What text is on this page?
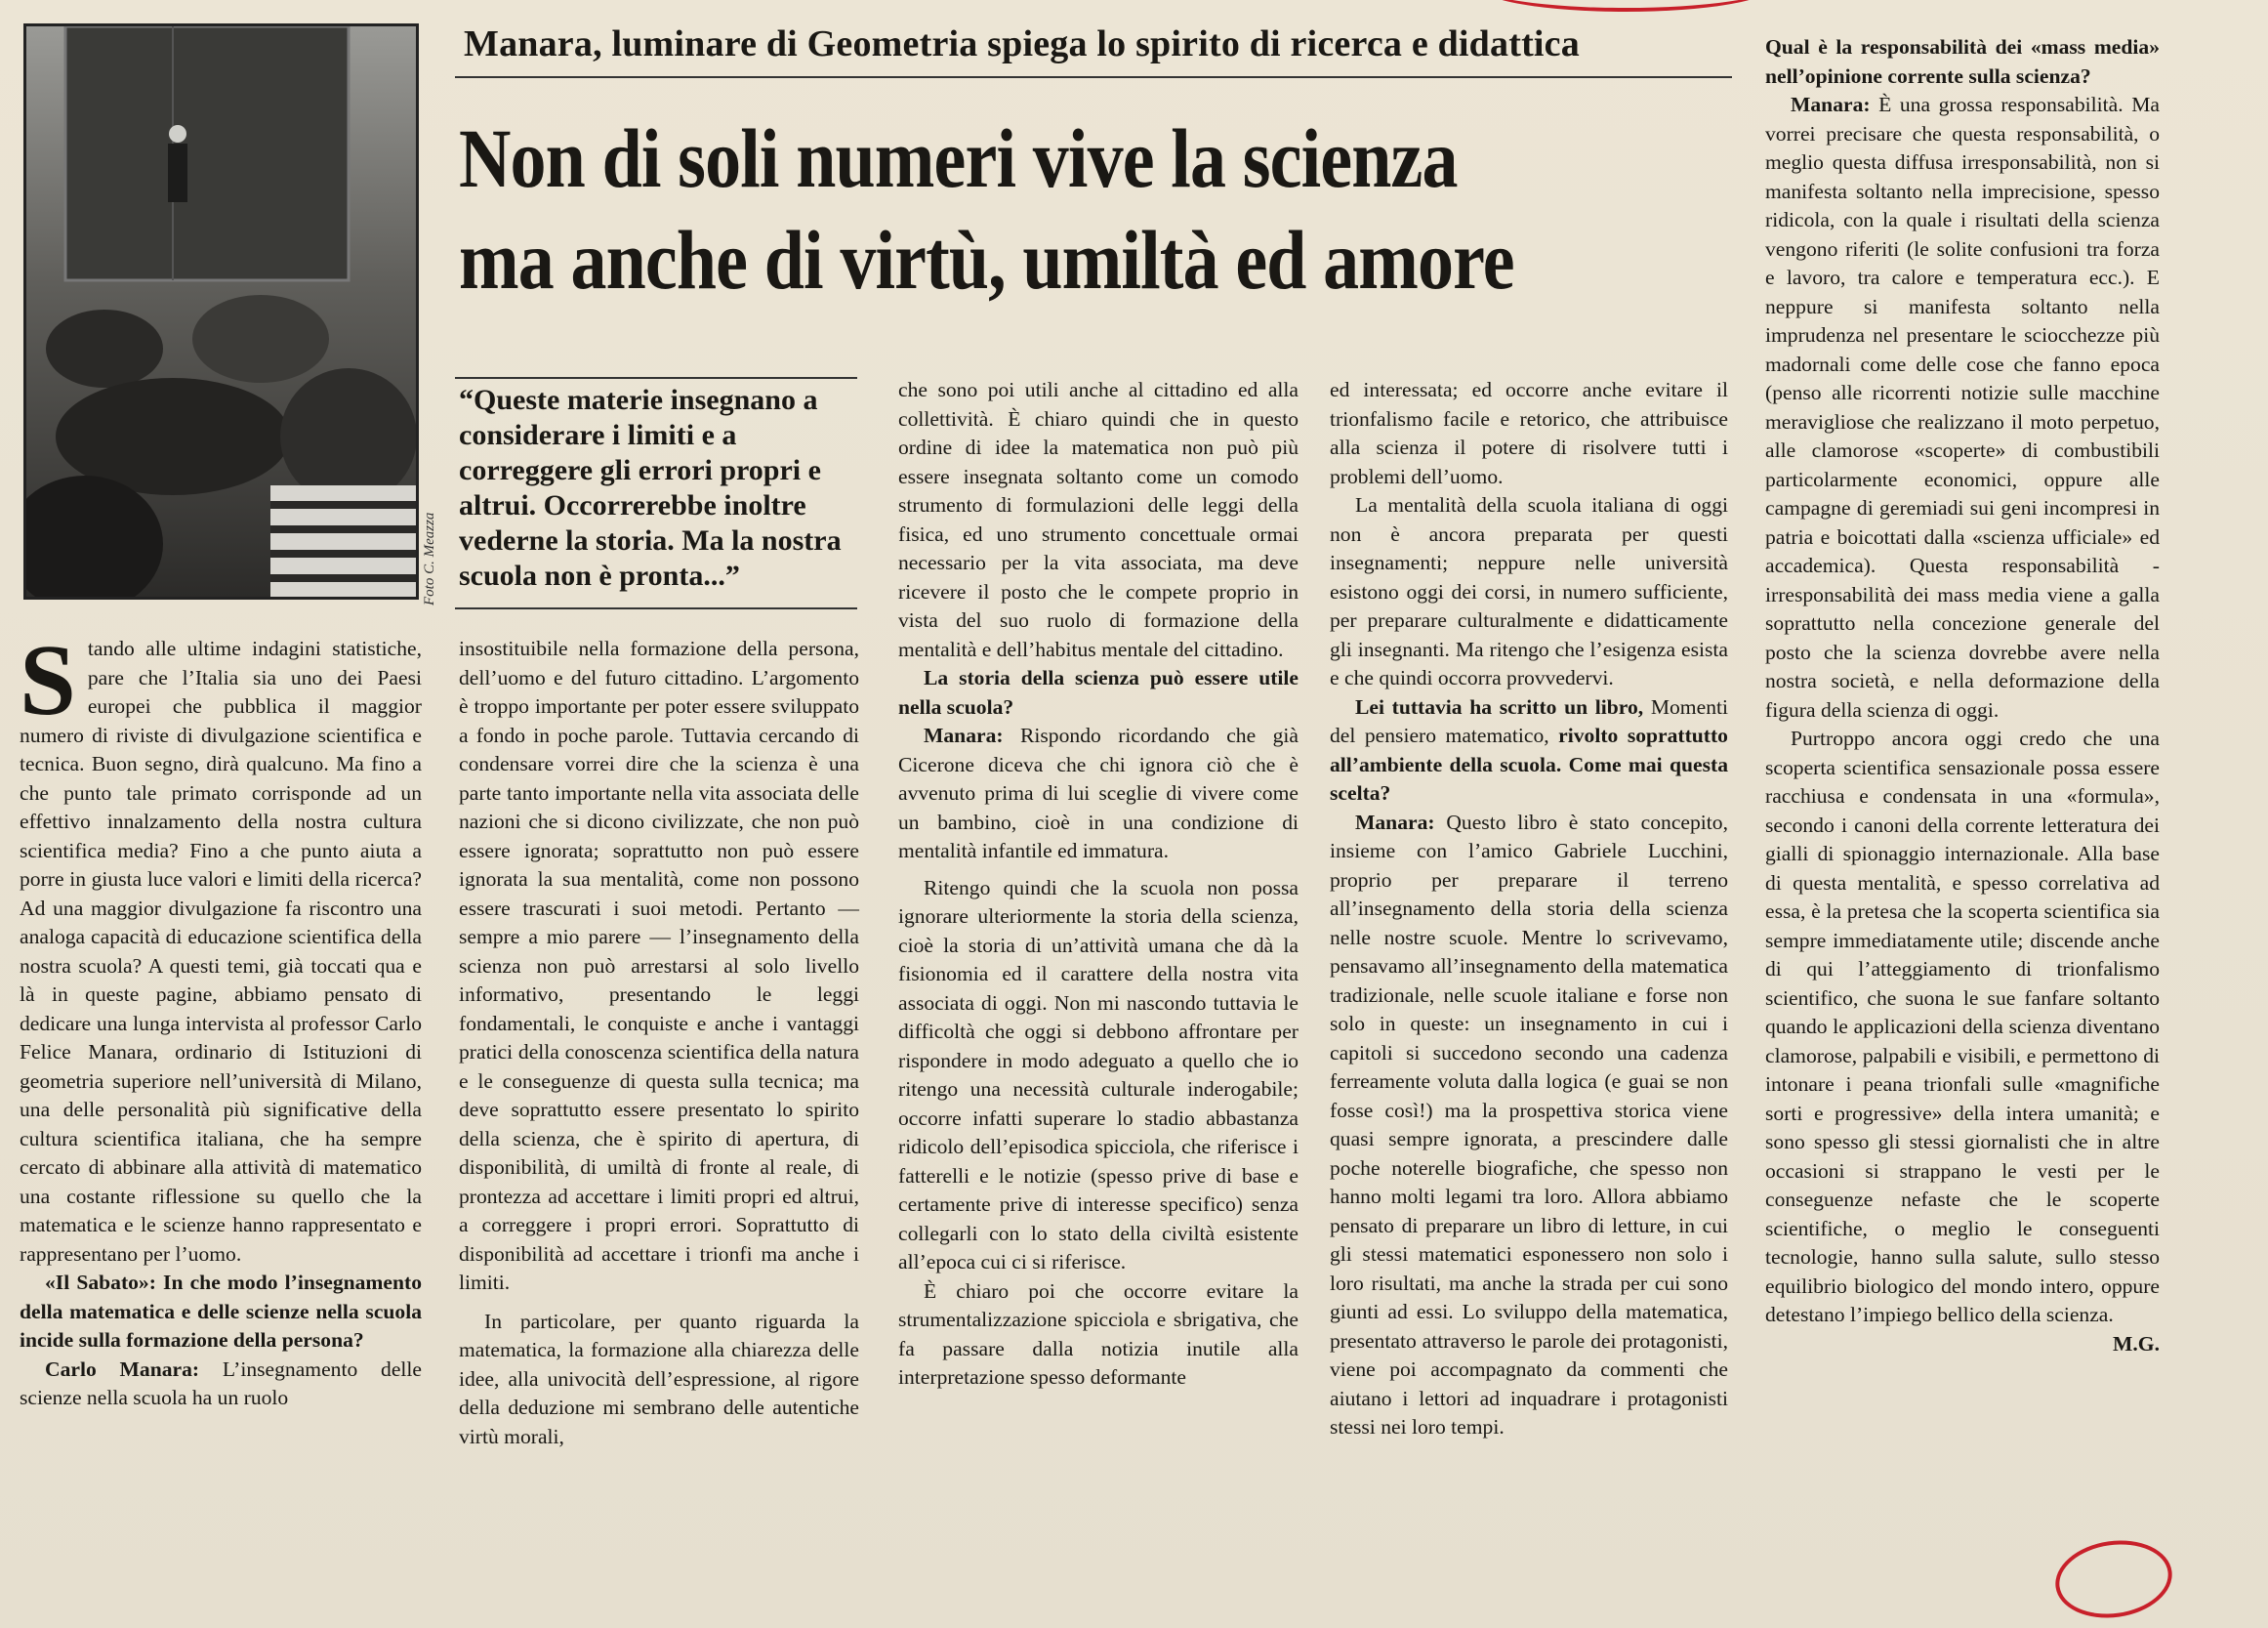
Foto C. Meazza
Manara, luminare di Geometria spiega lo spirito di ricerca e didattica
Non di soli numeri vive la scienza
ma anche di virtù, umiltà ed amore
“Queste materie insegnano a considerare i limiti e a correggere gli errori propri e altrui. Occorrerebbe inoltre vederne la storia. Ma la nostra scuola non è pronta...”

Stando alle ultime indagini statistiche, pare che l’Italia sia uno dei Paesi europei che pubblica il maggior numero di riviste di divulgazione scientifica e tecnica. Buon segno, dirà qualcuno. Ma fino a che punto tale primato corrisponde ad un effettivo innalzamento della nostra cultura scientifica media? Fino a che punto aiuta a porre in giusta luce valori e limiti della ricerca? Ad una maggior divulgazione fa riscontro una analoga capacità di educazione scientifica della nostra scuola? A questi temi, già toccati qua e là in queste pagine, abbiamo pensato di dedicare una lunga intervista al professor Carlo Felice Manara, ordinario di Istituzioni di geometria superiore nell’università di Milano, una delle personalità più significative della cultura scientifica italiana, che ha sempre cercato di abbinare alla attività di matematico una costante riflessione su quello che la matematica e le scienze hanno rappresentato e rappresentano per l’uomo.

«Il Sabato»: In che modo l’insegnamento della matematica e delle scienze nella scuola incide sulla formazione della persona?

Carlo Manara: L’insegnamento delle scienze nella scuola ha un ruolo

insostituibile nella formazione della persona, dell’uomo e del futuro cittadino. L’argomento è troppo importante per poter essere sviluppato a fondo in poche parole. Tuttavia cercando di condensare vorrei dire che la scienza è una parte tanto importante nella vita associata delle nazioni che si dicono civilizzate, che non può essere ignorata; soprattutto non può essere ignorata la sua mentalità, come non possono essere trascurati i suoi metodi. Pertanto — sempre a mio parere — l’insegnamento della scienza non può arrestarsi al solo livello informativo, presentando le leggi fondamentali, le conquiste e anche i vantaggi pratici della conoscenza scientifica della natura e le conseguenze di questa sulla tecnica; ma deve soprattutto essere presentato lo spirito della scienza, che è spirito di apertura, di disponibilità, di umiltà di fronte al reale, di prontezza ad accettare i limiti propri ed altrui, a correggere i propri errori. Soprattutto di disponibilità ad accettare i trionfi ma anche i limiti.

In particolare, per quanto riguarda la matematica, la formazione alla chiarezza delle idee, alla univocità dell’espressione, al rigore della deduzione mi sembrano delle autentiche virtù morali,

che sono poi utili anche al cittadino ed alla collettività. È chiaro quindi che in questo ordine di idee la matematica non può più essere insegnata soltanto come un comodo strumento di formulazioni delle leggi della fisica, ed uno strumento concettuale ormai necessario per la vita associata, ma deve ricevere il posto che le compete proprio in vista del suo ruolo di formazione della mentalità e dell’habitus mentale del cittadino.

La storia della scienza può essere utile nella scuola?

Manara: Rispondo ricordando che già Cicerone diceva che chi ignora ciò che è avvenuto prima di lui sceglie di vivere come un bambino, cioè in una condizione di mentalità infantile ed immatura.

Ritengo quindi che la scuola non possa ignorare ulteriormente la storia della scienza, cioè la storia di un’attività umana che dà la fisionomia ed il carattere della nostra vita associata di oggi. Non mi nascondo tuttavia le difficoltà che oggi si debbono affrontare per rispondere in modo adeguato a quello che io ritengo una necessità culturale inderogabile; occorre infatti superare lo stadio abbastanza ridicolo dell’episodica spicciola, che riferisce i fatterelli e le notizie (spesso prive di base e certamente prive di interesse specifico) senza collegarli con lo stato della civiltà esistente all’epoca cui ci si riferisce.

È chiaro poi che occorre evitare la strumentalizzazione spicciola e sbrigativa, che fa passare dalla notizia inutile alla interpretazione spesso deformante

ed interessata; ed occorre anche evitare il trionfalismo facile e retorico, che attribuisce alla scienza il potere di risolvere tutti i problemi dell’uomo.

La mentalità della scuola italiana di oggi non è ancora preparata per questi insegnamenti; neppure nelle università esistono oggi dei corsi, in numero sufficiente, per preparare culturalmente e didatticamente gli insegnanti. Ma ritengo che l’esigenza esista e che quindi occorra provvedervi.

Lei tuttavia ha scritto un libro, Momenti del pensiero matematico, rivolto soprattutto all’ambiente della scuola. Come mai questa scelta?

Manara: Questo libro è stato concepito, insieme con l’amico Gabriele Lucchini, proprio per preparare il terreno all’insegnamento della storia della scienza nelle nostre scuole. Mentre lo scrivevamo, pensavamo all’insegnamento della matematica tradizionale, nelle scuole italiane e forse non solo in queste: un insegnamento in cui i capitoli si succedono secondo una cadenza ferreamente voluta dalla logica (e guai se non fosse così!) ma la prospettiva storica viene quasi sempre ignorata, a prescindere dalle poche noterelle biografiche, che spesso non hanno molti legami tra loro. Allora abbiamo pensato di preparare un libro di letture, in cui gli stessi matematici esponessero non solo i loro risultati, ma anche la strada per cui sono giunti ad essi. Lo sviluppo della matematica, presentato attraverso le parole dei protagonisti, viene poi accompagnato da commenti che aiutano i lettori ad inquadrare i protagonisti stessi nei loro tempi.

Qual è la responsabilità dei «mass media» nell’opinione corrente sulla scienza?

Manara: È una grossa responsabilità. Ma vorrei precisare che questa responsabilità, o meglio questa diffusa irresponsabilità, non si manifesta soltanto nella imprecisione, spesso ridicola, con la quale i risultati della scienza vengono riferiti (le solite confusioni tra forza e lavoro, tra calore e temperatura ecc.). E neppure si manifesta soltanto nella imprudenza nel presentare le sciocchezze più madornali come delle cose che fanno epoca (penso alle ricorrenti notizie sulle macchine meravigliose che realizzano il moto perpetuo, alle clamorose «scoperte» di combustibili particolarmente economici, oppure alle campagne di geremiadi sui geni incompresi in patria e boicottati dalla «scienza ufficiale» ed accademica). Questa responsabilità - irresponsabilità dei mass media viene a galla soprattutto nella concezione generale del posto che la scienza dovrebbe avere nella nostra società, e nella deformazione della figura della scienza di oggi.

Purtroppo ancora oggi credo che una scoperta scientifica sensazionale possa essere racchiusa e condensata in una «formula», secondo i canoni della corrente letteratura dei gialli di spionaggio internazionale. Alla base di questa mentalità, e spesso correlativa ad essa, è la pretesa che la scoperta scientifica sia sempre immediatamente utile; discende anche di qui l’atteggiamento di trionfalismo scientifico, che suona le sue fanfare soltanto quando le applicazioni della scienza diventano clamorose, palpabili e visibili, e permettono di intonare i peana trionfali sulle «magnifiche sorti e progressive» della intera umanità; e sono spesso gli stessi giornalisti che in altre occasioni si strappano le vesti per le conseguenze nefaste che le scoperte scientifiche, o meglio le conseguenti tecnologie, hanno sulla salute, sullo stesso equilibrio biologico del mondo intero, oppure detestano l’impiego bellico della scienza.

M.G.
